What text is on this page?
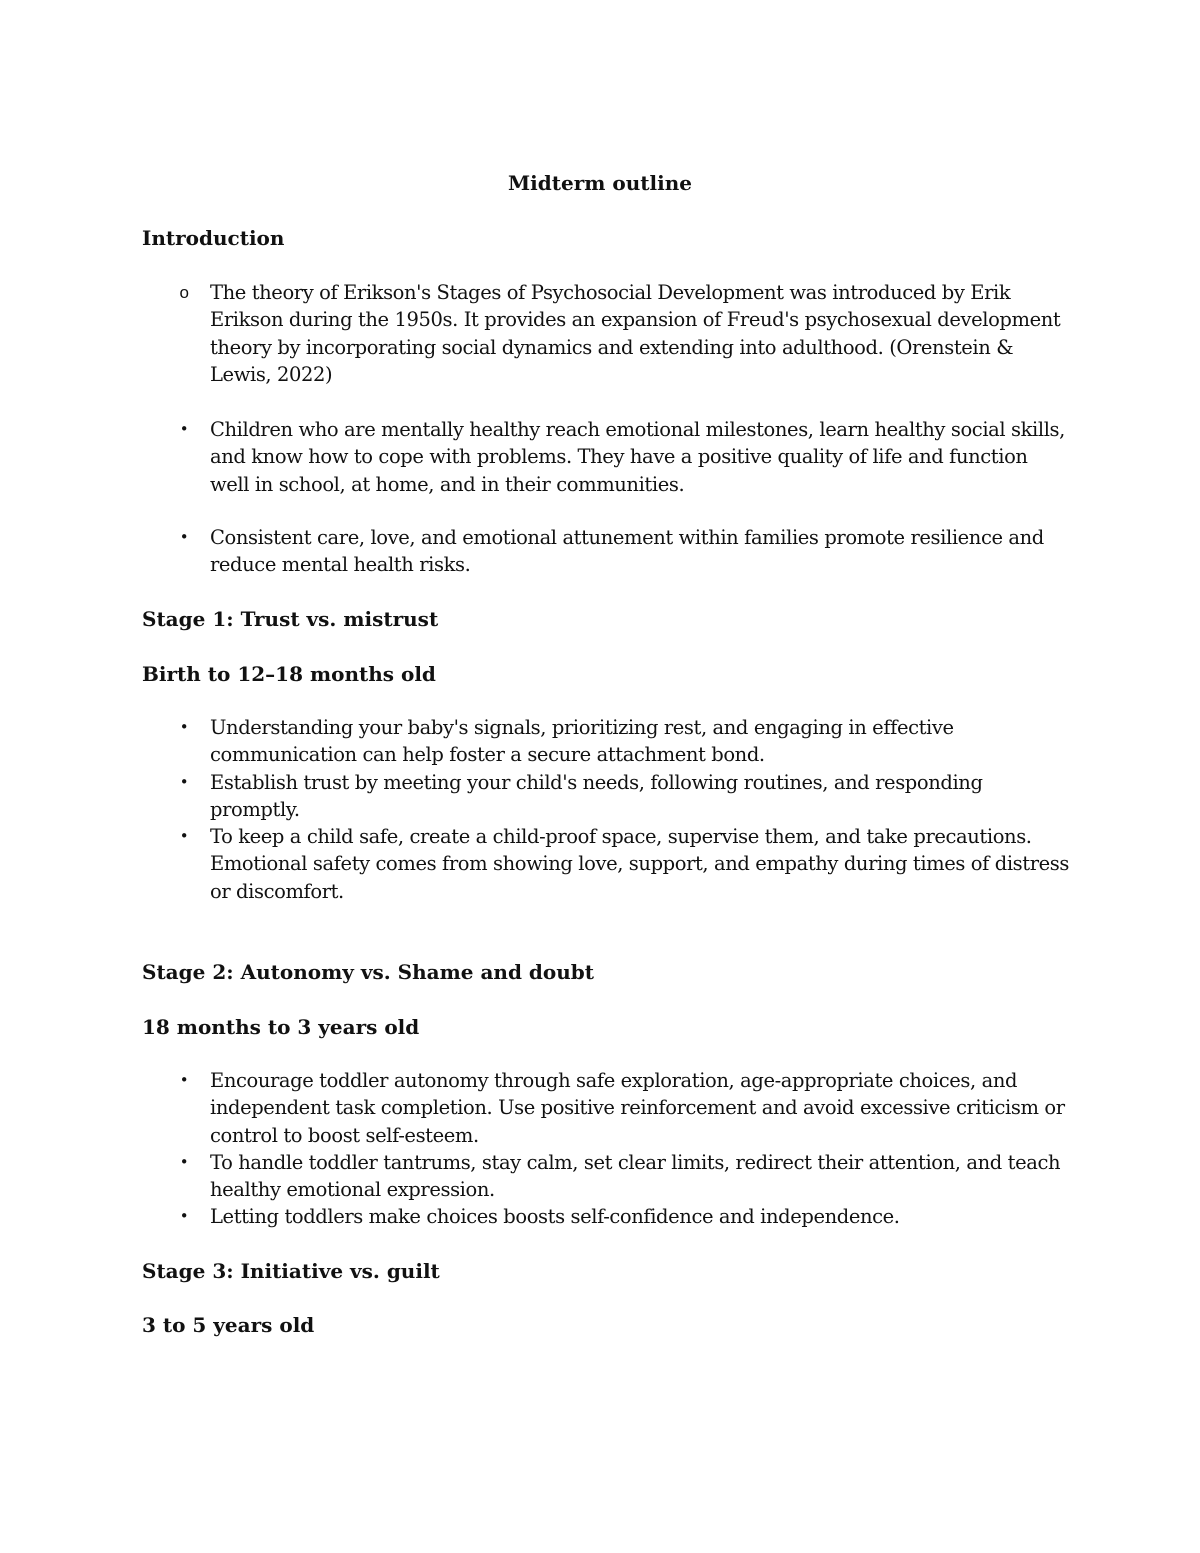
Midterm outline
Introduction
o The theory of Erikson's Stages of Psychosocial Development was introduced by Erik Erikson during the 1950s. It provides an expansion of Freud's psychosexual development theory by incorporating social dynamics and extending into adulthood. (Orenstein & Lewis, 2022)
• Children who are mentally healthy reach emotional milestones, learn healthy social skills, and know how to cope with problems. They have a positive quality of life and function well in school, at home, and in their communities.
• Consistent care, love, and emotional attunement within families promote resilience and reduce mental health risks.
Stage 1: Trust vs. mistrust
Birth to 12–18 months old
• Understanding your baby's signals, prioritizing rest, and engaging in effective communication can help foster a secure attachment bond.
• Establish trust by meeting your child's needs, following routines, and responding promptly.
• To keep a child safe, create a child-proof space, supervise them, and take precautions. Emotional safety comes from showing love, support, and empathy during times of distress or discomfort.
Stage 2: Autonomy vs. Shame and doubt
18 months to 3 years old
• Encourage toddler autonomy through safe exploration, age-appropriate choices, and independent task completion. Use positive reinforcement and avoid excessive criticism or control to boost self-esteem.
• To handle toddler tantrums, stay calm, set clear limits, redirect their attention, and teach healthy emotional expression.
• Letting toddlers make choices boosts self-confidence and independence.
Stage 3: Initiative vs. guilt
3 to 5 years old
